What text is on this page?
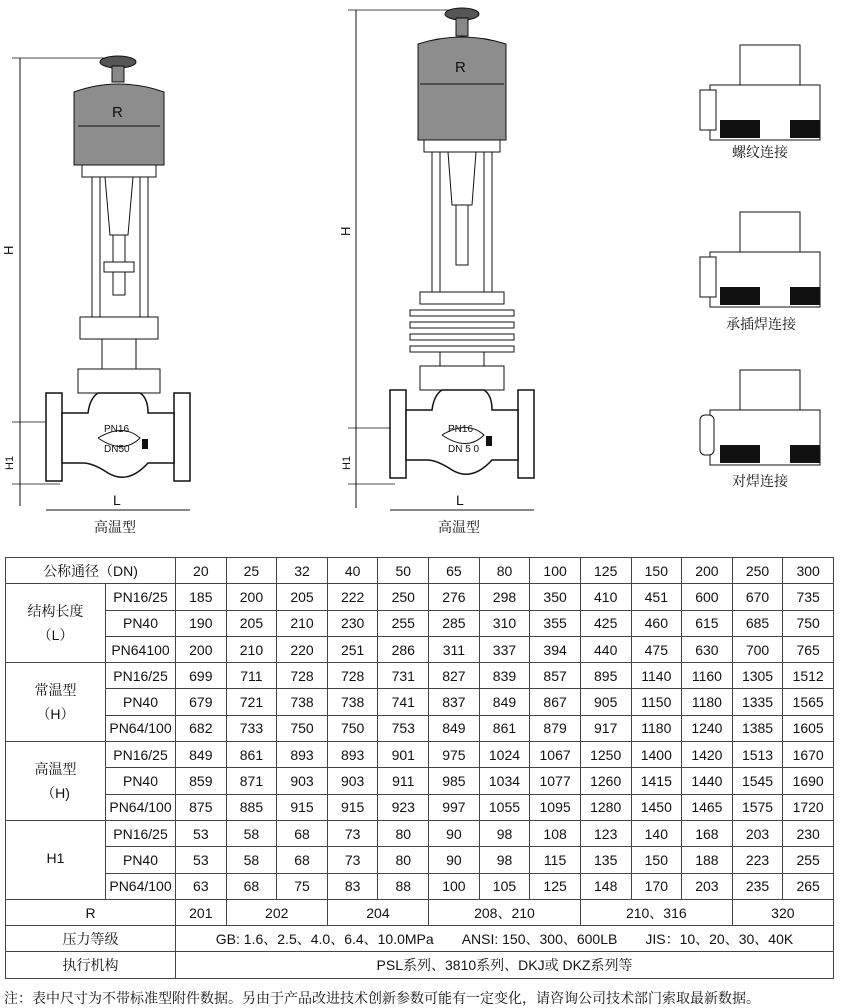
H
H1
R
PN16
DN50
L
高温型
H
H1
R
PN16
DN 5 0
L
高温型
螺纹连接
承插焊连接
对焊连接
公称通径（DN)		20	25	32	40	50	65	80	100	125	150	200	250	300

结构长度
（L）	PN16/25	185	200	205	222	250	276	298	350	410	451	600	670	735
	PN40	190	205	210	230	255	285	310	355	425	460	615	685	750
	PN64100	200	210	220	251	286	311	337	394	440	475	630	700	765

常温型
（H）	PN16/25	699	711	728	728	731	827	839	857	895	1140	1160	1305	1512
	PN40	679	721	738	738	741	837	849	867	905	1150	1180	1335	1565
	PN64/100	682	733	750	750	753	849	861	879	917	1180	1240	1385	1605

高温型
（H)	PN16/25	849	861	893	893	901	975	1024	1067	1250	1400	1420	1513	1670
	PN40	859	871	903	903	911	985	1034	1077	1260	1415	1440	1545	1690
	PN64/100	875	885	915	915	923	997	1055	1095	1280	1450	1465	1575	1720

H1	PN16/25	53	58	68	73	80	90	98	108	123	140	168	203	230
	PN40	53	58	68	73	80	90	98	115	135	150	188	223	255
	PN64/100	63	68	75	83	88	100	105	125	148	170	203	235	265
R		201	202		204		208、210			210、316			320	
压力等级		GB: 1.6、2.5、4.0、6.4、10.0MPa ANSI: 150、300、600LB JIS：10、20、30、40K												
执行机构		PSL系列、3810系列、DKJ或 DKZ系列等												
注：表中尺寸为不带标准型附件数据。另由于产品改进技术创新参数可能有一定变化，请咨询公司技术部门索取最新数据。
